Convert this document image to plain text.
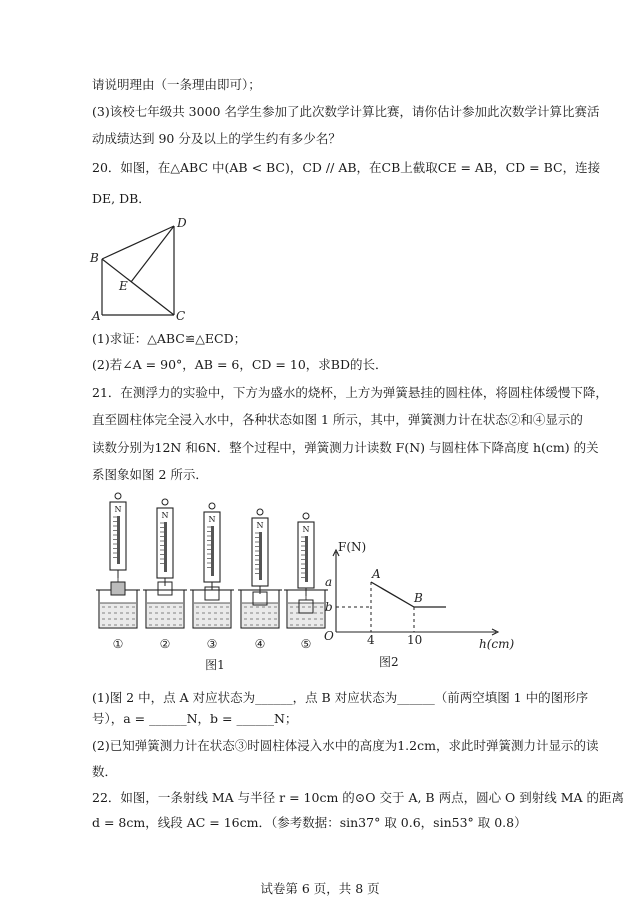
请说明理由（一条理由即可）；
(3)该校七年级共 3000 名学生参加了此次数学计算比赛，请你估计参加此次数学计算比赛活
动成绩达到 90 分及以上的学生约有多少名？
20．如图，在△ABC 中(AB < BC)，CD // AB，在CB上截取CE = AB，CD = BC，连接
DE, DB．
D
B
E
A	C
(1)求证：△ABC≌△ECD；
(2)若∠A = 90°，AB = 6，CD = 10，求BD的长．
21．在测浮力的实验中，下方为盛水的烧杯，上方为弹簧悬挂的圆柱体，将圆柱体缓慢下降，
直至圆柱体完全浸入水中，各种状态如图 1 所示，其中，弹簧测力计在状态②和④显示的
读数分别为12N 和6N．整个过程中，弹簧测力计读数 F(N) 与圆柱体下降高度 h(cm) 的关
系图象如图 2 所示．
N
①
N
②
N
③
N
④
N
⑤
图1
F(N)
h(cm)
O
a
b
4	10
A
B
图2
(1)图 2 中，点 A 对应状态为______，点 B 对应状态为______（前两空填图 1 中的图形序
号），a = ______N，b = ______N；
(2)已知弹簧测力计在状态③时圆柱体浸入水中的高度为1.2cm，求此时弹簧测力计显示的读
数．
22．如图，一条射线 MA 与半径 r = 10cm 的⊙O 交于 A, B 两点，圆心 O 到射线 MA 的距离
d = 8cm，线段 AC = 16cm．（参考数据：sin37° 取 0.6，sin53° 取 0.8）
试卷第 6 页，共 8 页
